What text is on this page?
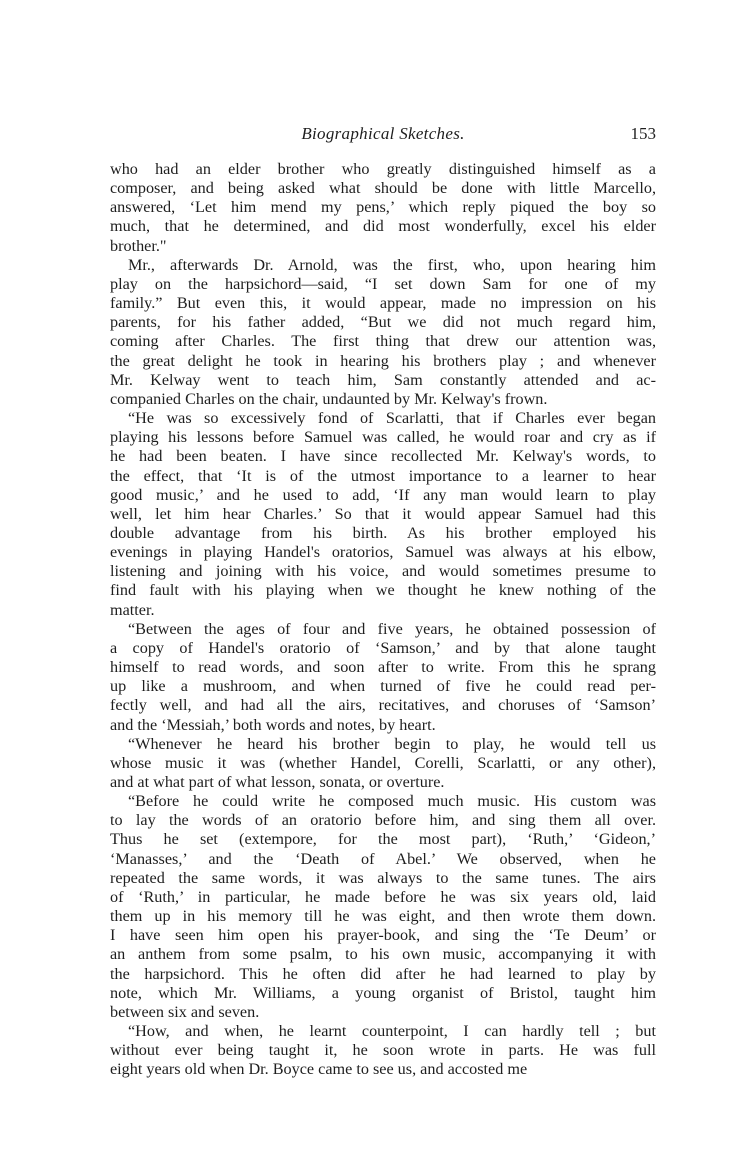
Biographical Sketches.	153

who had an elder brother who greatly distinguished himself as a
composer, and being asked what should be done with little Marcello,
answered, ‘Let him mend my pens,’ which reply piqued the boy so
much, that he determined, and did most wonderfully, excel his elder
brother."

Mr., afterwards Dr. Arnold, was the first, who, upon hearing him
play on the harpsichord—said, “I set down Sam for one of my
family.” But even this, it would appear, made no impression on his
parents, for his father added, “But we did not much regard him,
coming after Charles. The first thing that drew our attention was,
the great delight he took in hearing his brothers play ; and whenever
Mr. Kelway went to teach him, Sam constantly attended and ac-
companied Charles on the chair, undaunted by Mr. Kelway's frown.

“He was so excessively fond of Scarlatti, that if Charles ever began
playing his lessons before Samuel was called, he would roar and cry as if
he had been beaten. I have since recollected Mr. Kelway's words, to
the effect, that ‘It is of the utmost importance to a learner to hear
good music,’ and he used to add, ‘If any man would learn to play
well, let him hear Charles.’ So that it would appear Samuel had this
double advantage from his birth. As his brother employed his
evenings in playing Handel's oratorios, Samuel was always at his elbow,
listening and joining with his voice, and would sometimes presume to
find fault with his playing when we thought he knew nothing of the
matter.

“Between the ages of four and five years, he obtained possession of
a copy of Handel's oratorio of ‘Samson,’ and by that alone taught
himself to read words, and soon after to write. From this he sprang
up like a mushroom, and when turned of five he could read per-
fectly well, and had all the airs, recitatives, and choruses of ‘Samson’
and the ‘Messiah,’ both words and notes, by heart.

“Whenever he heard his brother begin to play, he would tell us
whose music it was (whether Handel, Corelli, Scarlatti, or any other),
and at what part of what lesson, sonata, or overture.

“Before he could write he composed much music. His custom was
to lay the words of an oratorio before him, and sing them all over.
Thus he set (extempore, for the most part), ‘Ruth,’ ‘Gideon,’
‘Manasses,’ and the ‘Death of Abel.’ We observed, when he
repeated the same words, it was always to the same tunes. The airs
of ‘Ruth,’ in particular, he made before he was six years old, laid
them up in his memory till he was eight, and then wrote them down.
I have seen him open his prayer-book, and sing the ‘Te Deum’ or
an anthem from some psalm, to his own music, accompanying it with
the harpsichord. This he often did after he had learned to play by
note, which Mr. Williams, a young organist of Bristol, taught him
between six and seven.

“How, and when, he learnt counterpoint, I can hardly tell ; but
without ever being taught it, he soon wrote in parts. He was full
eight years old when Dr. Boyce came to see us, and accosted me
